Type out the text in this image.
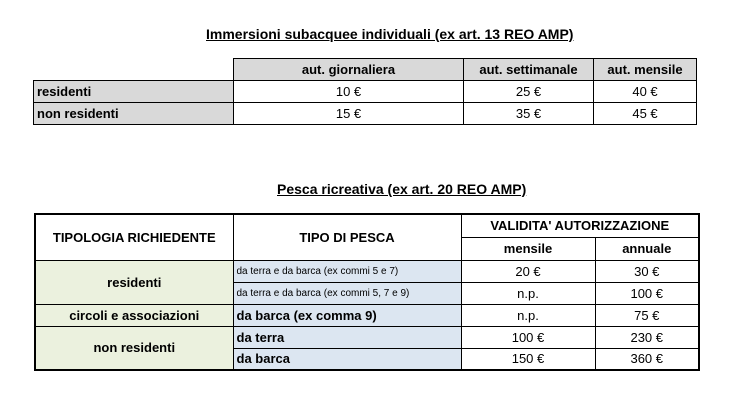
Immersioni subacquee individuali (ex art. 13 REO AMP)
	aut. giornaliera	aut. settimanale	aut. mensile
residenti	10 €	25 €	40 €
non residenti	15 €	35 €	45 €
Pesca ricreativa (ex art. 20 REO AMP)
TIPOLOGIA RICHIEDENTE	TIPO DI PESCA	VALIDITA' AUTORIZZAZIONE	
		mensile	annuale
residenti	da terra e da barca (ex commi 5 e 7)	20 €	30 €
	da terra e da barca (ex commi 5, 7 e 9)	n.p.	100 €
circoli e associazioni	da barca (ex comma 9)	n.p.	75 €
non residenti	da terra	100 €	230 €
	da barca	150 €	360 €
